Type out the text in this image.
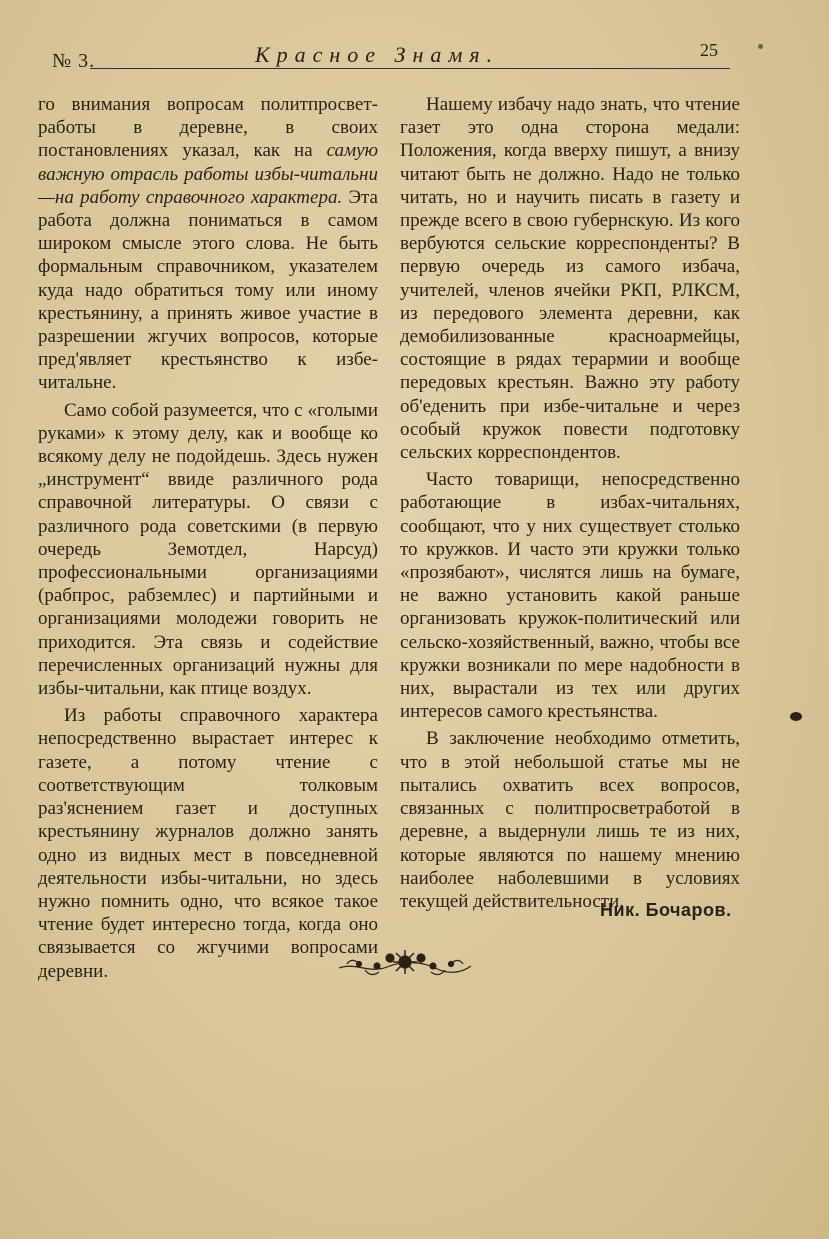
№ 3.	Красное Знамя.	25

го внимания вопросам политпросвет-работы в деревне, в своих постановлениях указал, как на самую важную отрасль работы избы-читальни—на работу справочного характера. Эта работа должна пониматься в самом широком смысле этого слова. Не быть формальным справочником, указателем куда надо обратиться тому или иному крестьянину, а принять живое участие в разрешении жгучих вопросов, которые пред'являет крестьянство к избе-читальне.

Само собой разумеется, что с «голыми руками» к этому делу, как и вообще ко всякому делу не подойдешь. Здесь нужен „инструмент“ ввиде различного рода справочной литературы. О связи с различного рода советскими (в первую очередь Земотдел, Нарсуд) профессиональными организациями (рабпрос, рабземлес) и партийными и организациями молодежи говорить не приходится. Эта связь и содействие перечисленных организаций нужны для избы-читальни, как птице воздух.

Из работы справочного характера непосредственно вырастает интерес к газете, а потому чтение с соответствующим толковым раз'яснением газет и доступных крестьянину журналов должно занять одно из видных мест в повседневной деятельности избы-читальни, но здесь нужно помнить одно, что всякое такое чтение будет интересно тогда, когда оно связывается со жгучими вопросами деревни.

Нашему избачу надо знать, что чтение газет это одна сторона медали: Положения, когда вверху пишут, а внизу читают быть не должно. Надо не только читать, но и научить писать в газету и прежде всего в свою губернскую. Из кого вербуются сельские корреспонденты? В первую очередь из самого избача, учителей, членов ячейки РКП, РЛКСМ, из передового элемента деревни, как демобилизованные красноармейцы, состоящие в рядах терармии и вообще передовых крестьян. Важно эту работу об'еденить при избе-читальне и через особый кружок повести подготовку сельских корреспондентов.

Часто товарищи, непосредственно работающие в избах-читальнях, сообщают, что у них существует столько то кружков. И часто эти кружки только «прозябают», числятся лишь на бумаге, не важно установить какой раньше организовать кружок-политический или сельско-хозяйственный, важно, чтобы все кружки возникали по мере надобности в них, вырастали из тех или других интересов самого крестьянства.

В заключение необходимо отметить, что в этой небольшой статье мы не пытались охватить всех вопросов, связанных с политпросветработой в деревне, а выдернули лишь те из них, которые являются по нашему мнению наиболее наболевшими в условиях текущей действительности.

Ник. Бочаров.
